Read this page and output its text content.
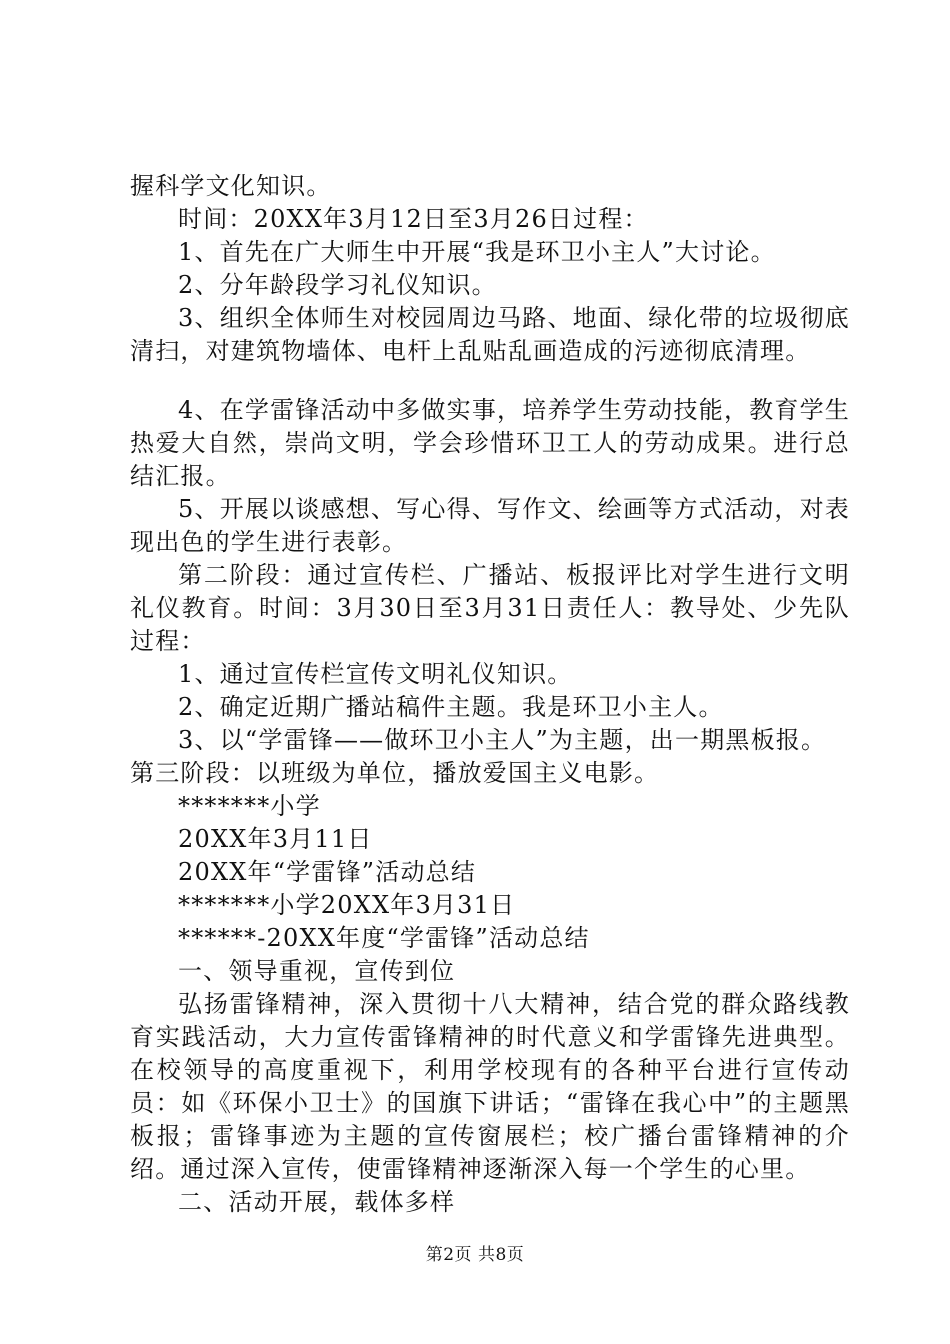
握科学文化知识。

时间：20XX年3月12日至3月26日过程：

1、首先在广大师生中开展“我是环卫小主人”大讨论。

2、分年龄段学习礼仪知识。

3、组织全体师生对校园周边马路、地面、绿化带的垃圾彻底清扫，对建筑物墙体、电杆上乱贴乱画造成的污迹彻底清理。

4、在学雷锋活动中多做实事，培养学生劳动技能，教育学生热爱大自然，崇尚文明，学会珍惜环卫工人的劳动成果。进行总结汇报。

5、开展以谈感想、写心得、写作文、绘画等方式活动，对表现出色的学生进行表彰。

第二阶段：通过宣传栏、广播站、板报评比对学生进行文明礼仪教育。时间：3月30日至3月31日责任人：教导处、少先队过程：

1、通过宣传栏宣传文明礼仪知识。

2、确定近期广播站稿件主题。我是环卫小主人。

3、以“学雷锋——做环卫小主人”为主题，出一期黑板报。

第三阶段：以班级为单位，播放爱国主义电影。

*******小学

20XX年3月11日

20XX年“学雷锋”活动总结

*******小学20XX年3月31日

******-20XX年度“学雷锋”活动总结

一、领导重视，宣传到位

弘扬雷锋精神，深入贯彻十八大精神，结合党的群众路线教育实践活动，大力宣传雷锋精神的时代意义和学雷锋先进典型。在校领导的高度重视下，利用学校现有的各种平台进行宣传动员：如《环保小卫士》的国旗下讲话；“雷锋在我心中”的主题黑板报；雷锋事迹为主题的宣传窗展栏；校广播台雷锋精神的介绍。通过深入宣传，使雷锋精神逐渐深入每一个学生的心里。

二、活动开展，载体多样

第2页 共8页
